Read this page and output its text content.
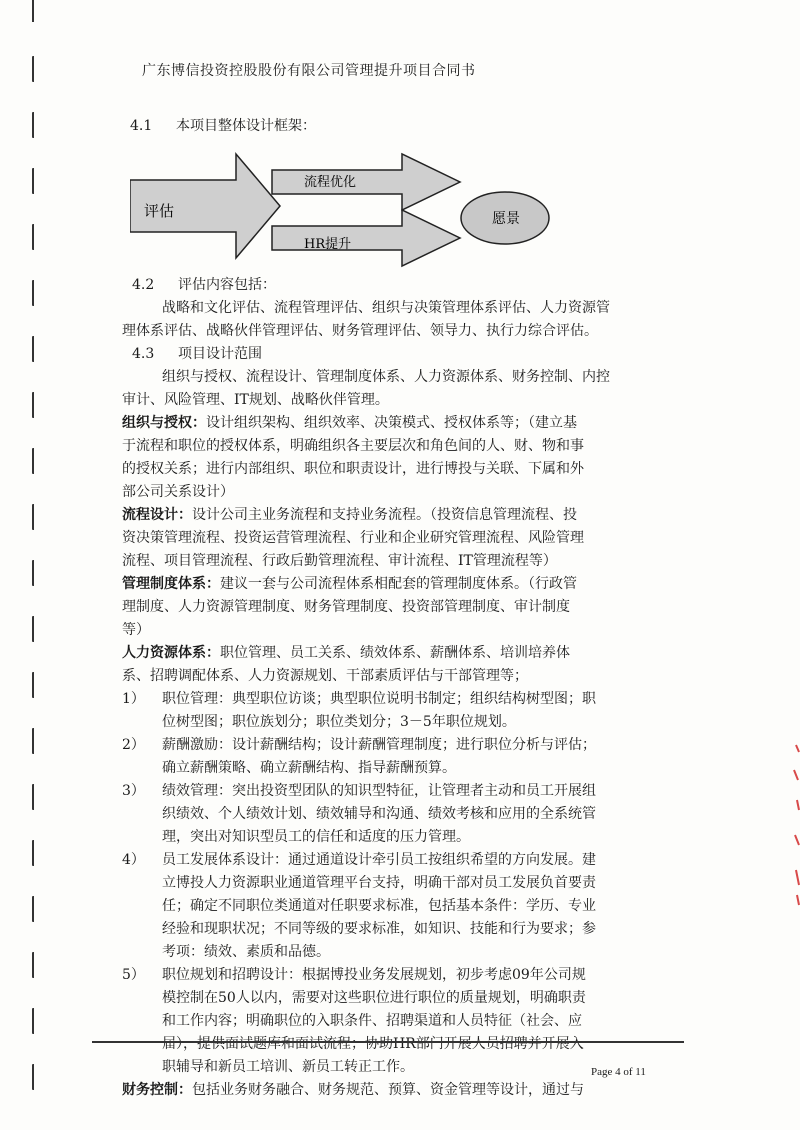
广东博信投资控股股份有限公司管理提升项目合同书
4.1 本项目整体设计框架：
评估
流程优化
HR提升
愿景

4.2 评估内容包括：

战略和文化评估、流程管理评估、组织与决策管理体系评估、人力资源管

理体系评估、战略伙伴管理评估、财务管理评估、领导力、执行力综合评估。

4.3 项目设计范围

组织与授权、流程设计、管理制度体系、人力资源体系、财务控制、内控

审计、风险管理、IT规划、战略伙伴管理。

组织与授权：设计组织架构、组织效率、决策模式、授权体系等；（建立基

于流程和职位的授权体系，明确组织各主要层次和角色间的人、财、物和事

的授权关系；进行内部组织、职位和职责设计，进行博投与关联、下属和外

部公司关系设计）

流程设计：设计公司主业务流程和支持业务流程。（投资信息管理流程、投

资决策管理流程、投资运营管理流程、行业和企业研究管理流程、风险管理

流程、项目管理流程、行政后勤管理流程、审计流程、IT管理流程等）

管理制度体系：建议一套与公司流程体系相配套的管理制度体系。（行政管

理制度、人力资源管理制度、财务管理制度、投资部管理制度、审计制度

等）

人力资源体系：职位管理、员工关系、绩效体系、薪酬体系、培训培养体

系、招聘调配体系、人力资源规划、干部素质评估与干部管理等；

1）	职位管理：典型职位访谈；典型职位说明书制定；组织结构树型图；职

位树型图；职位族划分；职位类划分；3－5年职位规划。

2）	薪酬激励：设计薪酬结构；设计薪酬管理制度；进行职位分析与评估；

确立薪酬策略、确立薪酬结构、指导薪酬预算。

3）	绩效管理：突出投资型团队的知识型特征，让管理者主动和员工开展组

织绩效、个人绩效计划、绩效辅导和沟通、绩效考核和应用的全系统管

理，突出对知识型员工的信任和适度的压力管理。

4）	员工发展体系设计：通过通道设计牵引员工按组织希望的方向发展。建

立博投人力资源职业通道管理平台支持，明确干部对员工发展负首要责

任；确定不同职位类通道对任职要求标准，包括基本条件：学历、专业

经验和现职状况；不同等级的要求标准，如知识、技能和行为要求；参

考项：绩效、素质和品德。

5）	职位规划和招聘设计：根据博投业务发展规划，初步考虑09年公司规

模控制在50人以内，需要对这些职位进行职位的质量规划，明确职责

和工作内容；明确职位的入职条件、招聘渠道和人员特征（社会、应

届），提供面试题库和面试流程；协助HR部门开展人员招聘并开展入

职辅导和新员工培训、新员工转正工作。

财务控制：包括业务财务融合、财务规范、预算、资金管理等设计，通过与

Page 4 of 11
